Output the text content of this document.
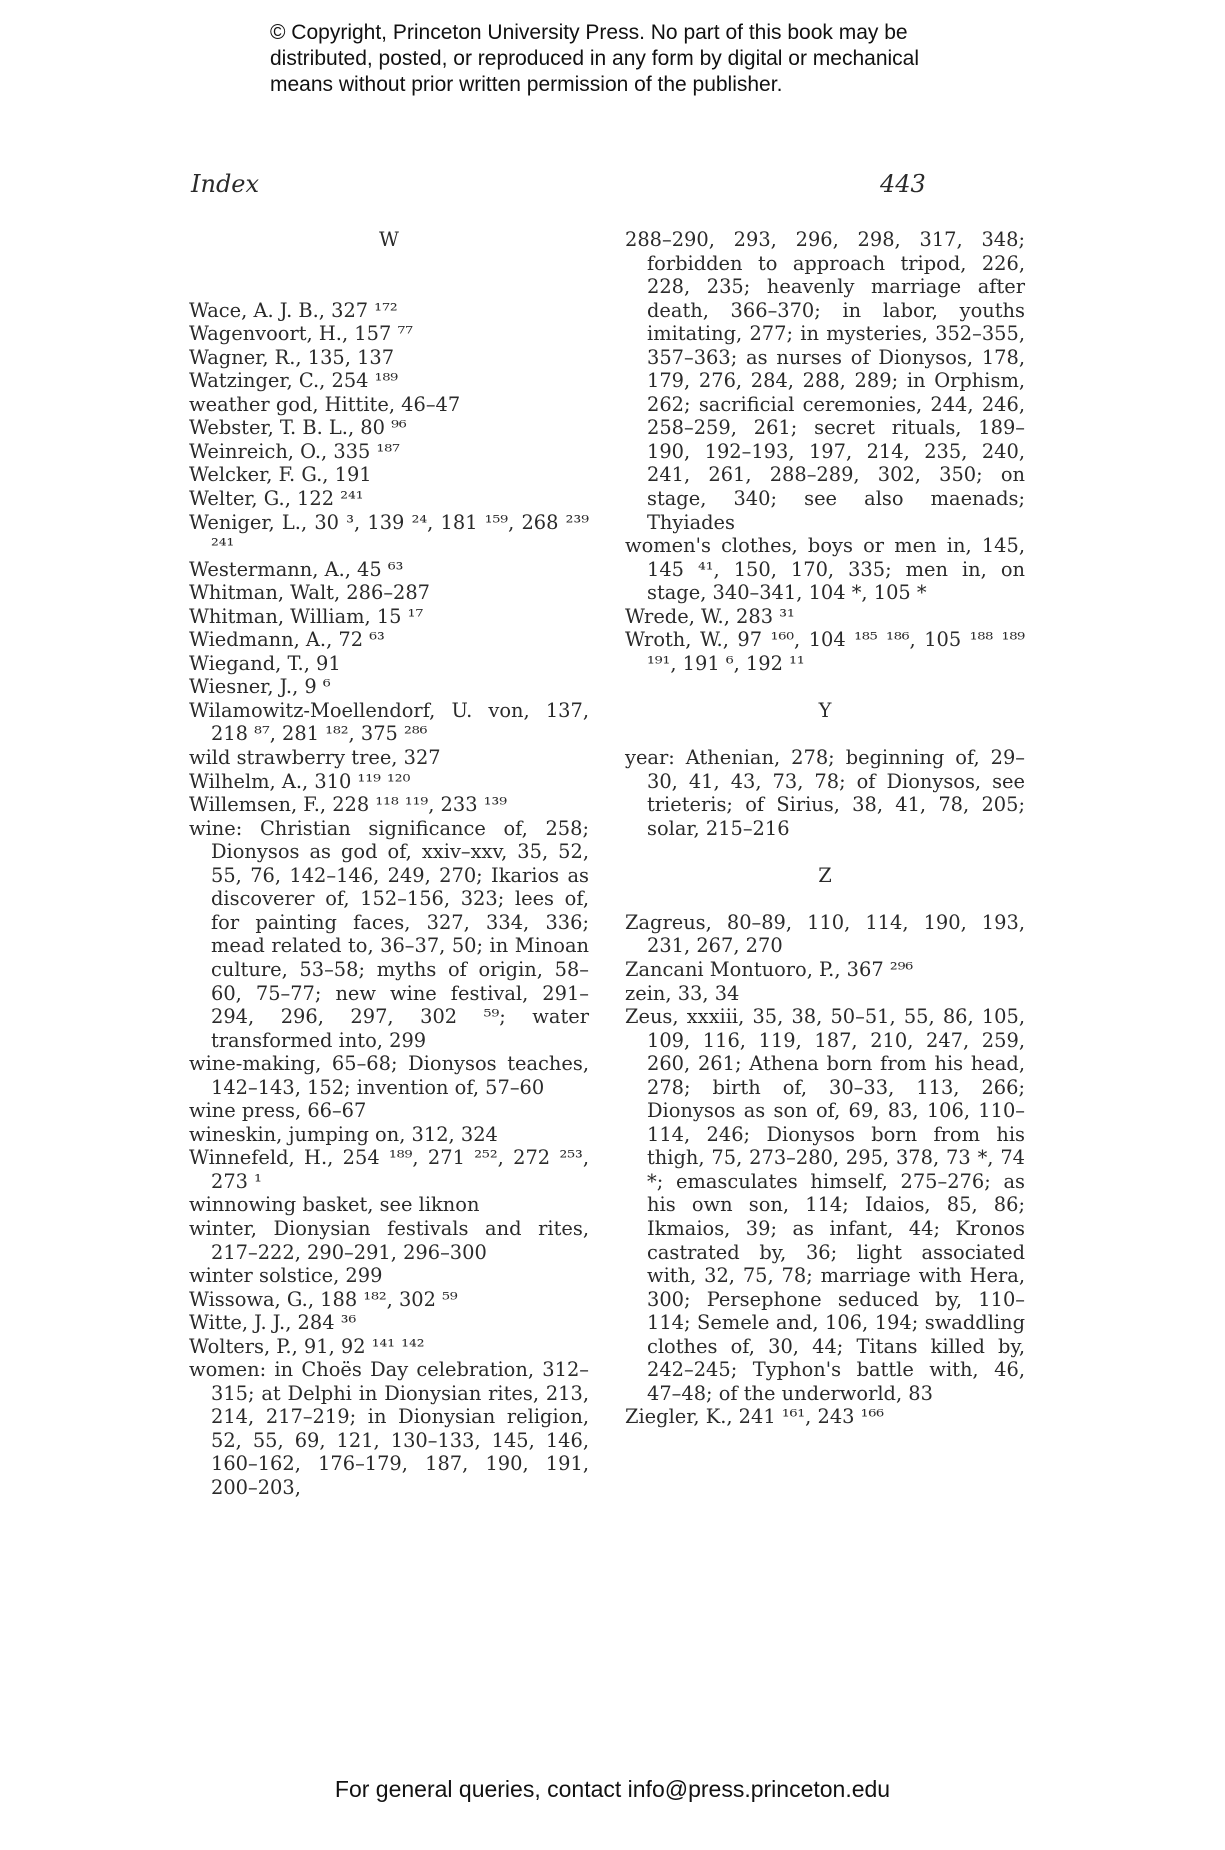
© Copyright, Princeton University Press. No part of this book may be
distributed, posted, or reproduced in any form by digital or mechanical
means without prior written permission of the publisher.
Index	443
W
Wace, A. J. B., 327 ¹⁷²
Wagenvoort, H., 157 ⁷⁷
Wagner, R., 135, 137
Watzinger, C., 254 ¹⁸⁹
weather god, Hittite, 46–47
Webster, T. B. L., 80 ⁹⁶
Weinreich, O., 335 ¹⁸⁷
Welcker, F. G., 191
Welter, G., 122 ²⁴¹
Weniger, L., 30 ³, 139 ²⁴, 181 ¹⁵⁹, 268 ²³⁹ ²⁴¹
Westermann, A., 45 ⁶³
Whitman, Walt, 286–287
Whitman, William, 15 ¹⁷
Wiedmann, A., 72 ⁶³
Wiegand, T., 91
Wiesner, J., 9 ⁶
Wilamowitz-Moellendorf, U. von, 137, 218 ⁸⁷, 281 ¹⁸², 375 ²⁸⁶
wild strawberry tree, 327
Wilhelm, A., 310 ¹¹⁹ ¹²⁰
Willemsen, F., 228 ¹¹⁸ ¹¹⁹, 233 ¹³⁹
wine: Christian significance of, 258; Dionysos as god of, xxiv–xxv, 35, 52, 55, 76, 142–146, 249, 270; Ikarios as discoverer of, 152–156, 323; lees of, for painting faces, 327, 334, 336; mead related to, 36–37, 50; in Minoan culture, 53–58; myths of origin, 58–60, 75–77; new wine festival, 291–294, 296, 297, 302 ⁵⁹; water transformed into, 299
wine-making, 65–68; Dionysos teaches, 142–143, 152; invention of, 57–60
wine press, 66–67
wineskin, jumping on, 312, 324
Winnefeld, H., 254 ¹⁸⁹, 271 ²⁵², 272 ²⁵³, 273 ¹
winnowing basket, see liknon
winter, Dionysian festivals and rites, 217–222, 290–291, 296–300
winter solstice, 299
Wissowa, G., 188 ¹⁸², 302 ⁵⁹
Witte, J. J., 284 ³⁶
Wolters, P., 91, 92 ¹⁴¹ ¹⁴²
women: in Choës Day celebration, 312–315; at Delphi in Dionysian rites, 213, 214, 217–219; in Dionysian religion, 52, 55, 69, 121, 130–133, 145, 146, 160–162, 176–179, 187, 190, 191, 200–203,
288–290, 293, 296, 298, 317, 348; forbidden to approach tripod, 226, 228, 235; heavenly marriage after death, 366–370; in labor, youths imitating, 277; in mysteries, 352–355, 357–363; as nurses of Dionysos, 178, 179, 276, 284, 288, 289; in Orphism, 262; sacrificial ceremonies, 244, 246, 258–259, 261; secret rituals, 189–190, 192–193, 197, 214, 235, 240, 241, 261, 288–289, 302, 350; on stage, 340; see also maenads; Thyiades
women's clothes, boys or men in, 145, 145 ⁴¹, 150, 170, 335; men in, on stage, 340–341, 104 *, 105 *
Wrede, W., 283 ³¹
Wroth, W., 97 ¹⁶⁰, 104 ¹⁸⁵ ¹⁸⁶, 105 ¹⁸⁸ ¹⁸⁹ ¹⁹¹, 191 ⁶, 192 ¹¹
Y
year: Athenian, 278; beginning of, 29–30, 41, 43, 73, 78; of Dionysos, see trieteris; of Sirius, 38, 41, 78, 205; solar, 215–216
Z
Zagreus, 80–89, 110, 114, 190, 193, 231, 267, 270
Zancani Montuoro, P., 367 ²⁹⁶
zein, 33, 34
Zeus, xxxiii, 35, 38, 50–51, 55, 86, 105, 109, 116, 119, 187, 210, 247, 259, 260, 261; Athena born from his head, 278; birth of, 30–33, 113, 266; Dionysos as son of, 69, 83, 106, 110–114, 246; Dionysos born from his thigh, 75, 273–280, 295, 378, 73 *, 74 *; emasculates himself, 275–276; as his own son, 114; Idaios, 85, 86; Ikmaios, 39; as infant, 44; Kronos castrated by, 36; light associated with, 32, 75, 78; marriage with Hera, 300; Persephone seduced by, 110–114; Semele and, 106, 194; swaddling clothes of, 30, 44; Titans killed by, 242–245; Typhon's battle with, 46, 47–48; of the underworld, 83
Ziegler, K., 241 ¹⁶¹, 243 ¹⁶⁶
For general queries, contact info@press.princeton.edu
